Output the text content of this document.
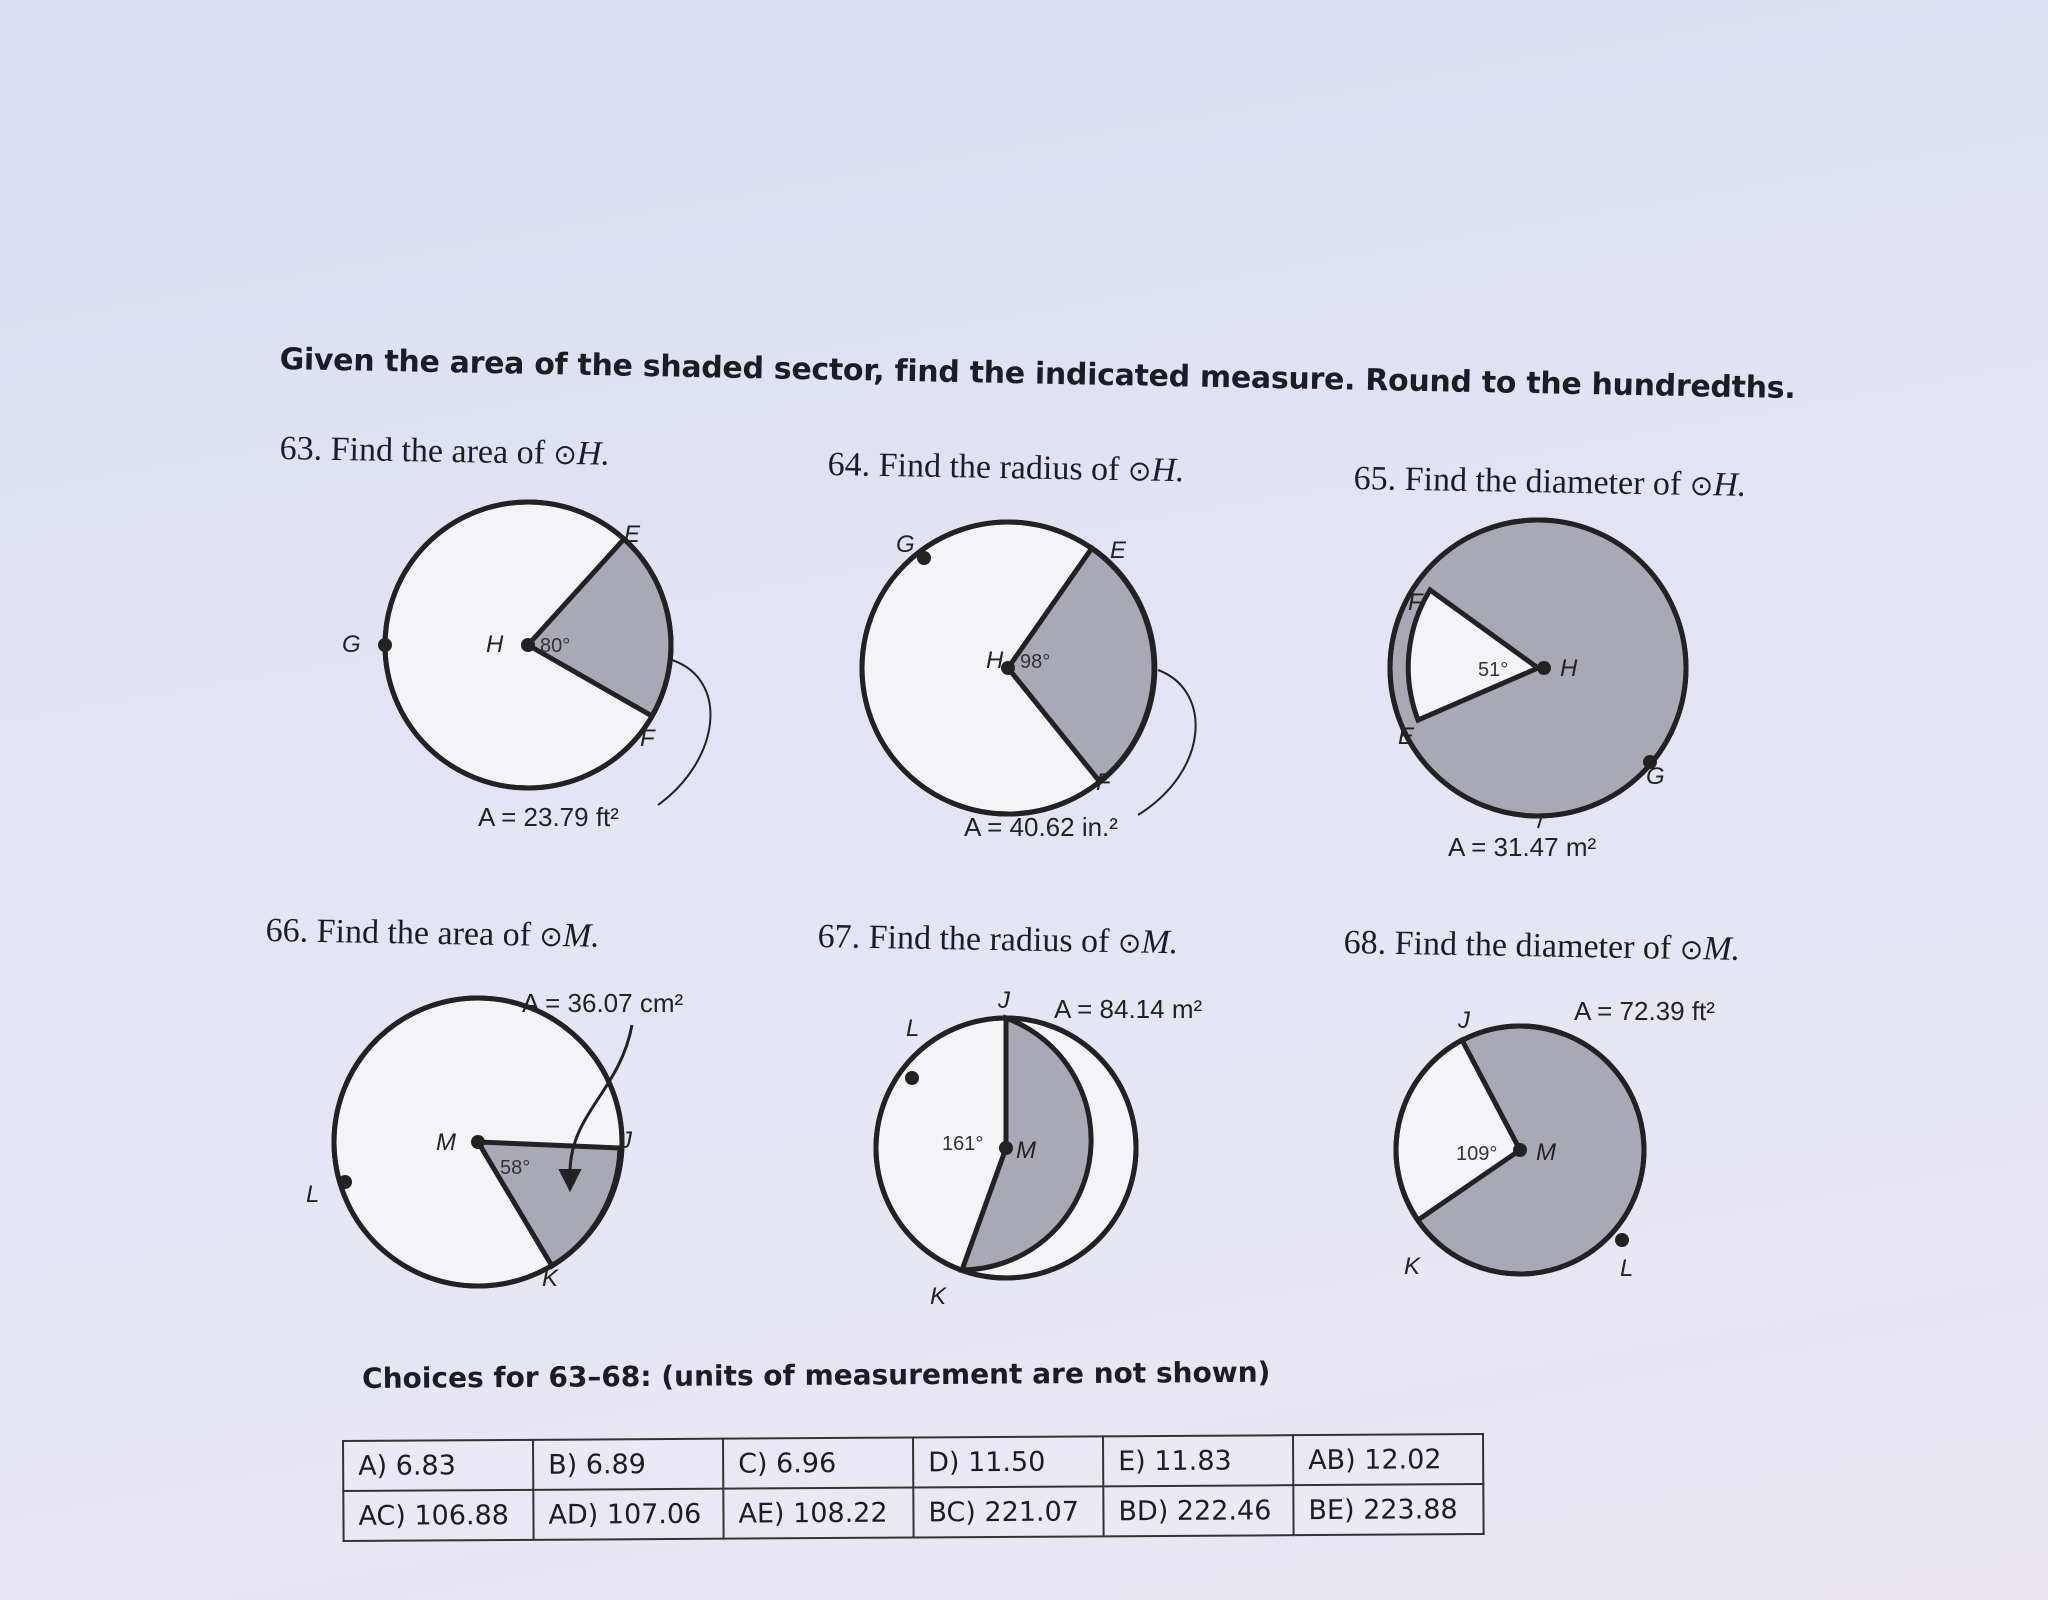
Given the area of the shaded sector, find the indicated measure. Round to the hundredths.
63. Find the area of ⊙H.	64. Find the radius of ⊙H.	65. Find the diameter of ⊙H.
66. Find the area of ⊙M.	67. Find the radius of ⊙M.	68. Find the diameter of ⊙M.
G
E
F
H 80°
A = 23.79 ft²
G	E
F
H 98°
A = 40.62 in.²
F
E
G
H
51°
A = 31.47 m²
L
J
K
M
58°
A = 36.07 cm²
L
J
K
M
161°
A = 84.14 m²	J
K	L
M
109°
A = 72.39 ft²
Choices for 63–68: (units of measurement are not shown)
A) 6.83	B) 6.89	C) 6.96	D) 11.50	E) 11.83	AB) 12.02
AC) 106.88	AD) 107.06	AE) 108.22	BC) 221.07	BD) 222.46	BE) 223.88
